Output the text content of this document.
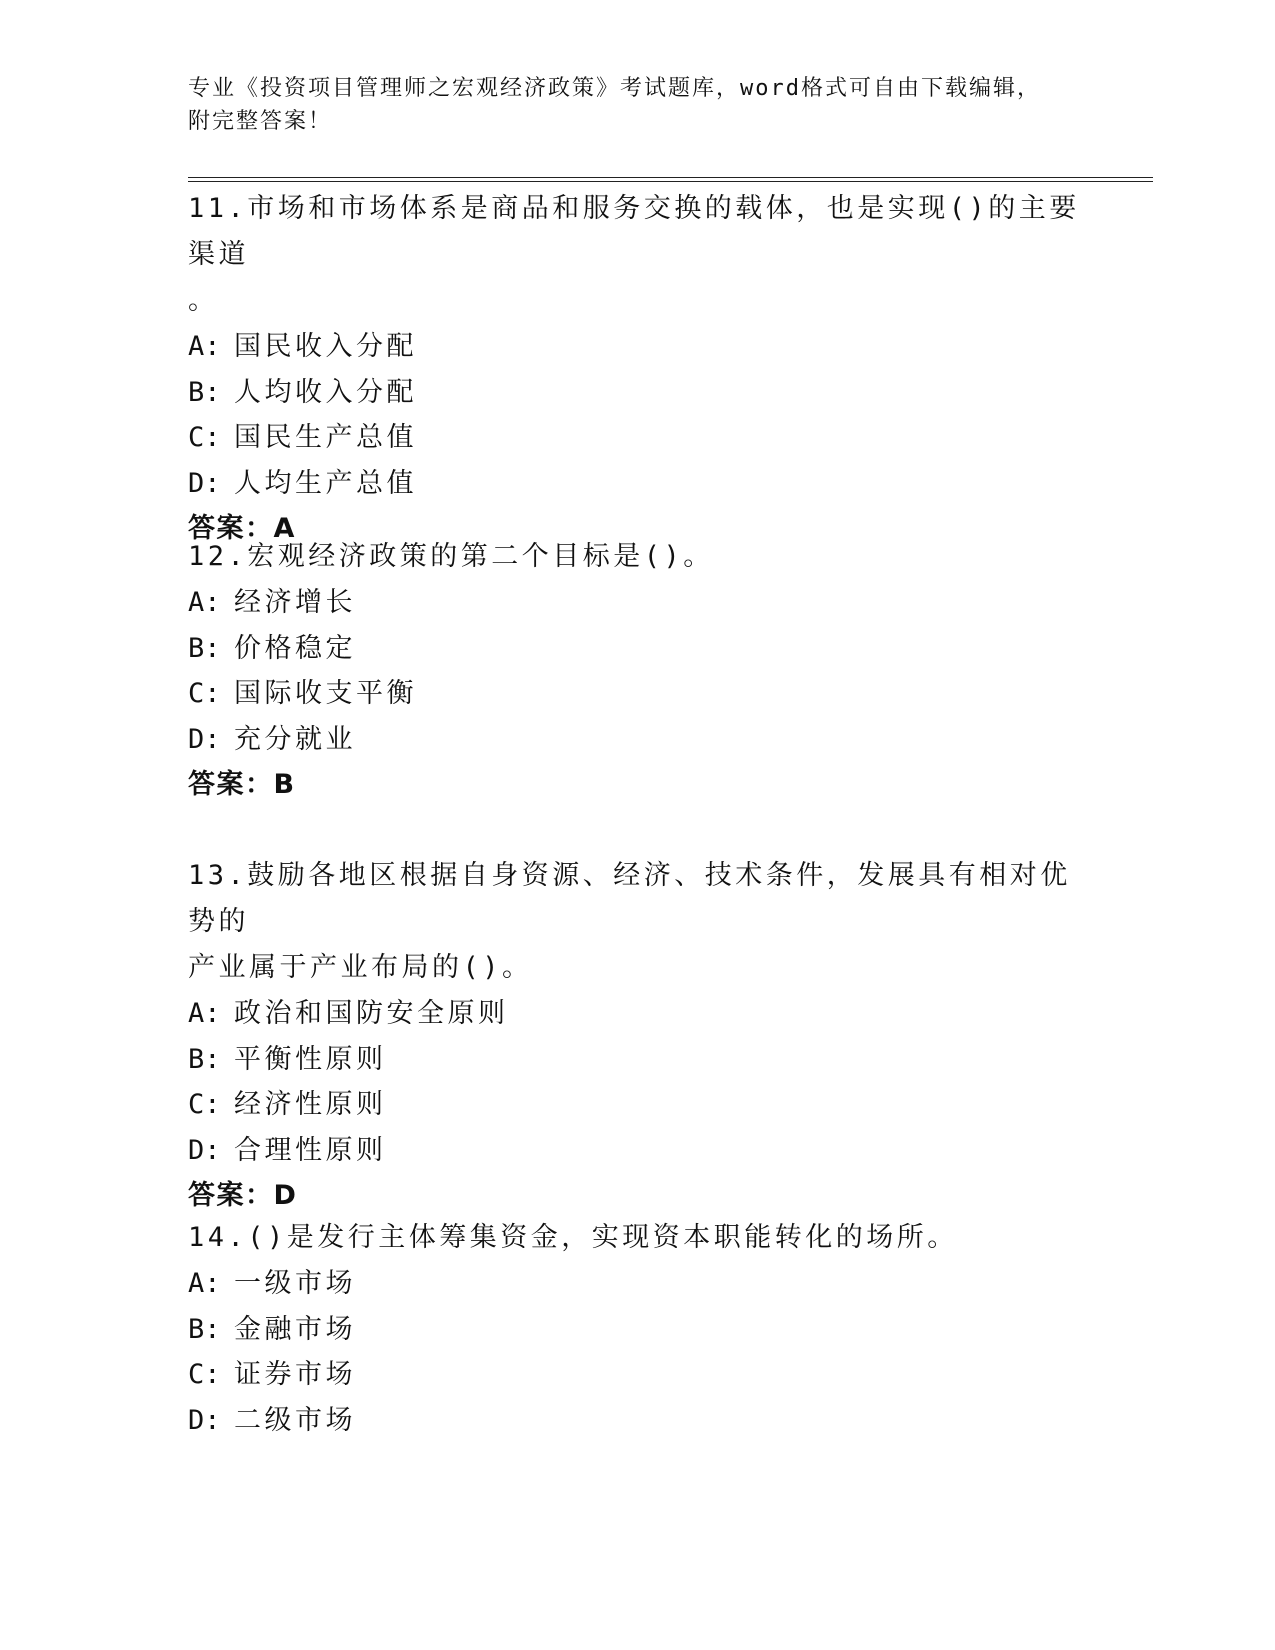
专业《投资项目管理师之宏观经济政策》考试题库，word格式可自由下载编辑，
附完整答案！

11.市场和市场体系是商品和服务交换的载体，也是实现()的主要渠道

。

A: 国民收入分配

B: 人均收入分配

C: 国民生产总值

D: 人均生产总值

答案：A

12.宏观经济政策的第二个目标是()。

A: 经济增长

B: 价格稳定

C: 国际收支平衡

D: 充分就业

答案：B

13.鼓励各地区根据自身资源、经济、技术条件，发展具有相对优势的

产业属于产业布局的()。

A: 政治和国防安全原则

B: 平衡性原则

C: 经济性原则

D: 合理性原则

答案：D

14.()是发行主体筹集资金，实现资本职能转化的场所。

A: 一级市场

B: 金融市场

C: 证券市场

D: 二级市场
